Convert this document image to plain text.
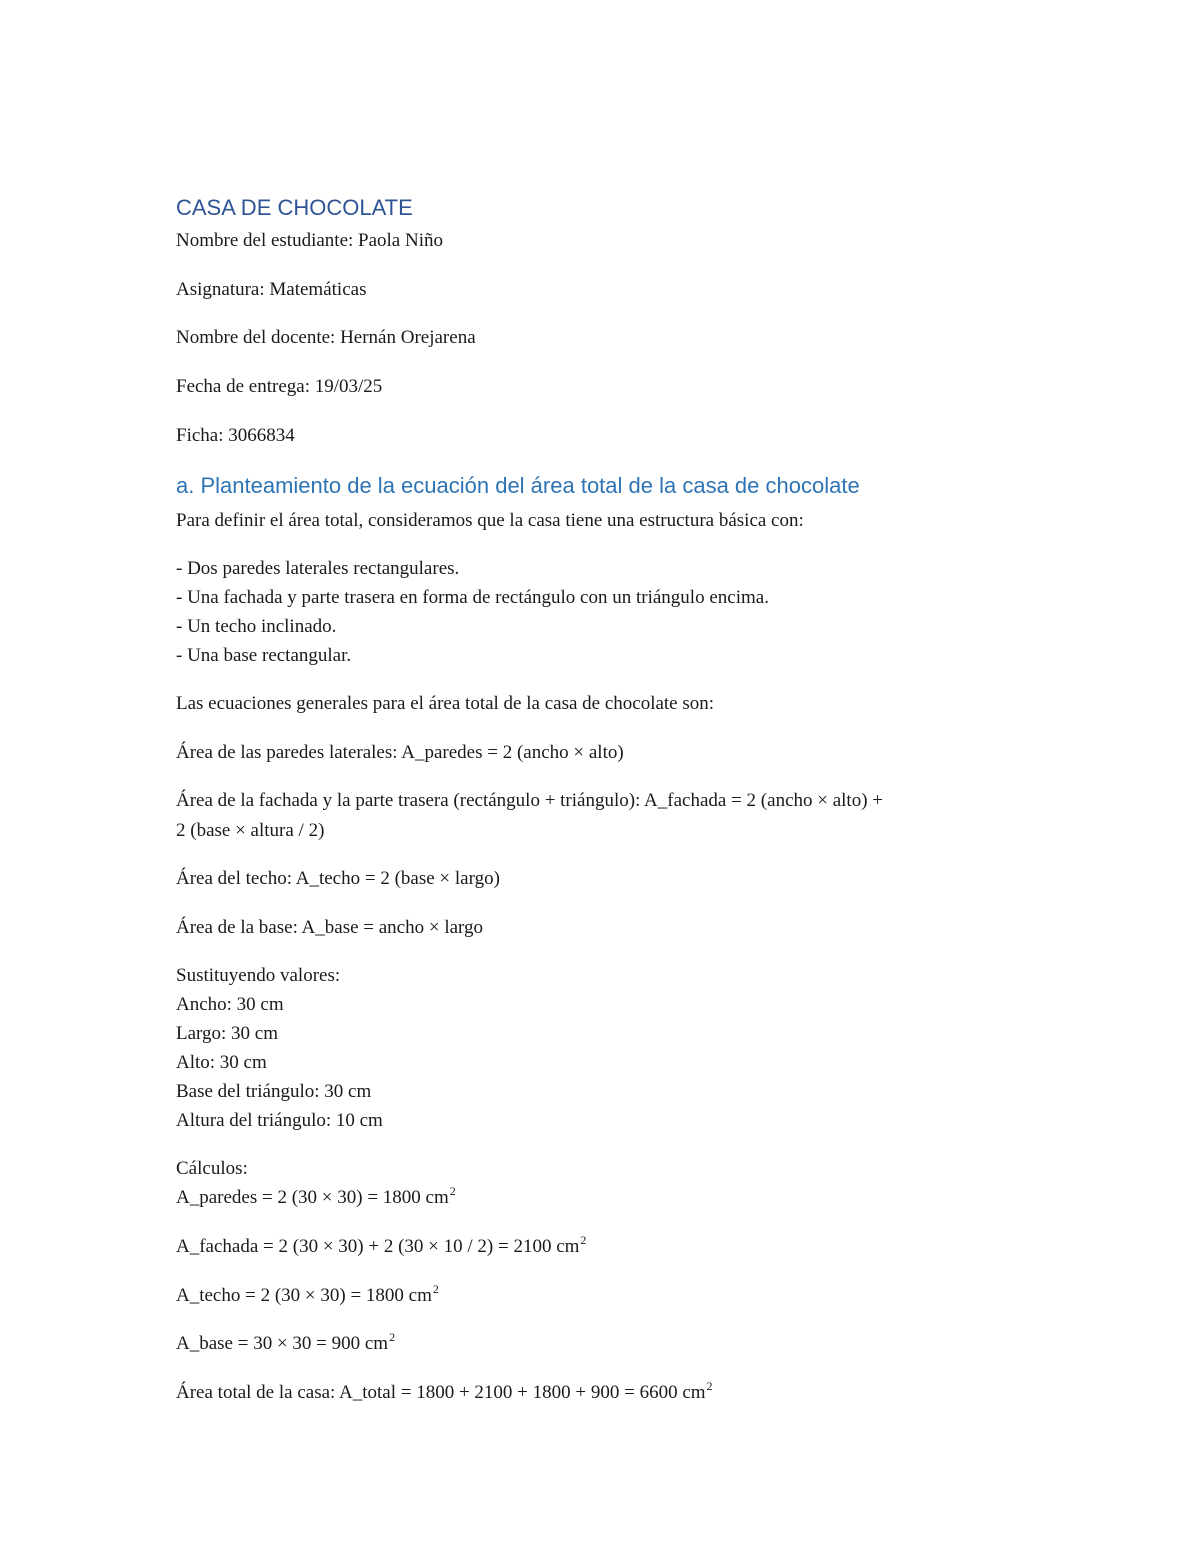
CASA DE CHOCOLATE
Nombre del estudiante: Paola Niño
Asignatura: Matemáticas
Nombre del docente: Hernán Orejarena
Fecha de entrega: 19/03/25
Ficha: 3066834
a. Planteamiento de la ecuación del área total de la casa de chocolate
Para definir el área total, consideramos que la casa tiene una estructura básica con:
- Dos paredes laterales rectangulares.
- Una fachada y parte trasera en forma de rectángulo con un triángulo encima.
- Un techo inclinado.
- Una base rectangular.
Las ecuaciones generales para el área total de la casa de chocolate son:
Área de las paredes laterales: A_paredes = 2 (ancho × alto)
Área de la fachada y la parte trasera (rectángulo + triángulo): A_fachada = 2 (ancho × alto) +
2 (base × altura / 2)
Área del techo: A_techo = 2 (base × largo)
Área de la base: A_base = ancho × largo
Sustituyendo valores:
Ancho: 30 cm
Largo: 30 cm
Alto: 30 cm
Base del triángulo: 30 cm
Altura del triángulo: 10 cm
Cálculos:
A_paredes = 2 (30 × 30) = 1800 $cm^2$
A_fachada = 2 (30 × 30) + 2 (30 × 10 / 2) = 2100 $cm^2$
A_techo = 2 (30 × 30) = 1800 $cm^2$
A_base = 30 × 30 = 900 $cm^2$
Área total de la casa: A_total = 1800 + 2100 + 1800 + 900 = 6600 $cm^2$
